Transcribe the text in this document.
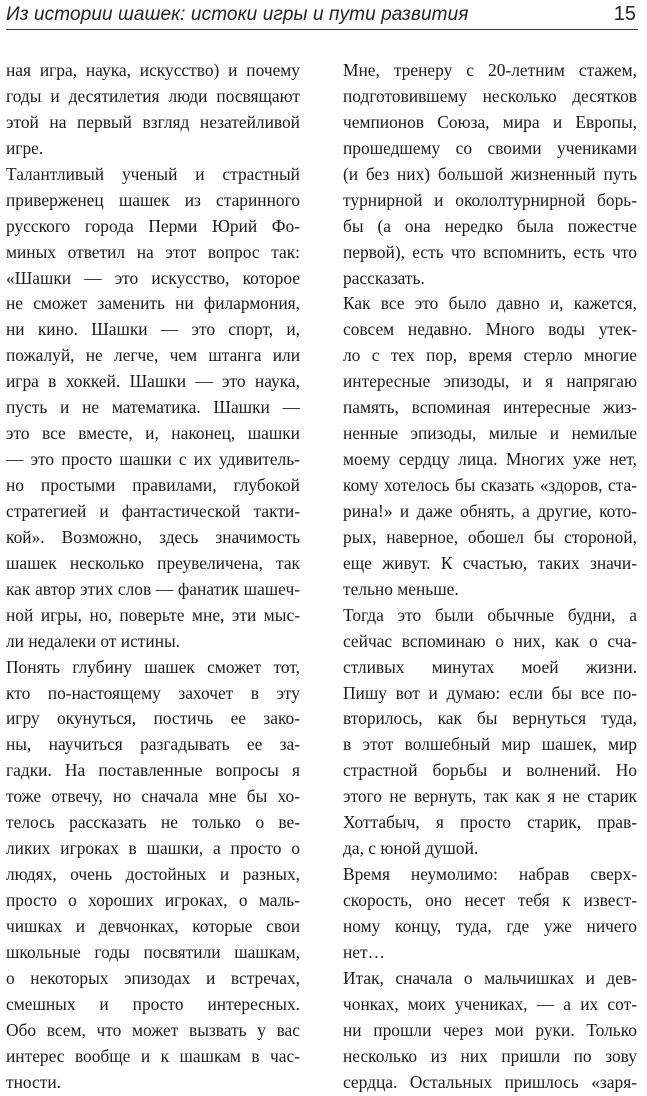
Из истории шашек: истоки игры и пути развития	15
ная игра, наука, искусство) и почему
годы и десятилетия люди посвящают
этой на первый взгляд незатейливой
игре.
Талантливый ученый и страстный
приверженец шашек из старинного
русского города Перми Юрий Фо-
миных ответил на этот вопрос так:
«Шашки — это искусство, которое
не сможет заменить ни филармония,
ни кино. Шашки — это спорт, и,
пожалуй, не легче, чем штанга или
игра в хоккей. Шашки — это наука,
пусть и не математика. Шашки —
это все вместе, и, наконец, шашки
— это просто шашки с их удивитель-
но простыми правилами, глубокой
стратегией и фантастической такти-
кой». Возможно, здесь значимость
шашек несколько преувеличена, так
как автор этих слов — фанатик шашеч-
ной игры, но, поверьте мне, эти мыс-
ли недалеки от истины.
Понять глубину шашек сможет тот,
кто по-настоящему захочет в эту
игру окунуться, постичь ее зако-
ны, научиться разгадывать ее за-
гадки. На поставленные вопросы я
тоже отвечу, но сначала мне бы хо-
телось рассказать не только о ве-
ликих игроках в шашки, а просто о
людях, очень достойных и разных,
просто о хороших игроках, о маль-
чишках и девчонках, которые свои
школьные годы посвятили шашкам,
о некоторых эпизодах и встречах,
смешных и просто интересных.
Обо всем, что может вызвать у вас
интерес вообще и к шашкам в час-
тности.
Мне, тренеру с 20-летним стажем,
подготовившему несколько десятков
чемпионов Союза, мира и Европы,
прошедшему со своими учениками
(и без них) большой жизненный путь
турнирной и окололтурнирной борь-
бы (а она нередко была пожестче
первой), есть что вспомнить, есть что
рассказать.
Как все это было давно и, кажется,
совсем недавно. Много воды утек-
ло с тех пор, время стерло многие
интересные эпизоды, и я напрягаю
память, вспоминая интересные жиз-
ненные эпизоды, милые и немилые
моему сердцу лица. Многих уже нет,
кому хотелось бы сказать «здоров, ста-
рина!» и даже обнять, а другие, кото-
рых, наверное, обошел бы стороной,
еще живут. К счастью, таких значи-
тельно меньше.
Тогда это были обычные будни, а
сейчас вспоминаю о них, как о сча-
стливых минутах моей жизни.
Пишу вот и думаю: если бы все по-
вторилось, как бы вернуться туда,
в этот волшебный мир шашек, мир
страстной борьбы и волнений. Но
этого не вернуть, так как я не старик
Хоттабыч, я просто старик, прав-
да, с юной душой.
Время неумолимо: набрав сверх-
скорость, оно несет тебя к извест-
ному концу, туда, где уже ничего
нет…
Итак, сначала о мальчишках и дев-
чонках, моих учениках, — а их сот-
ни прошли через мои руки. Только
несколько из них пришли по зову
сердца. Остальных пришлось «заря-
